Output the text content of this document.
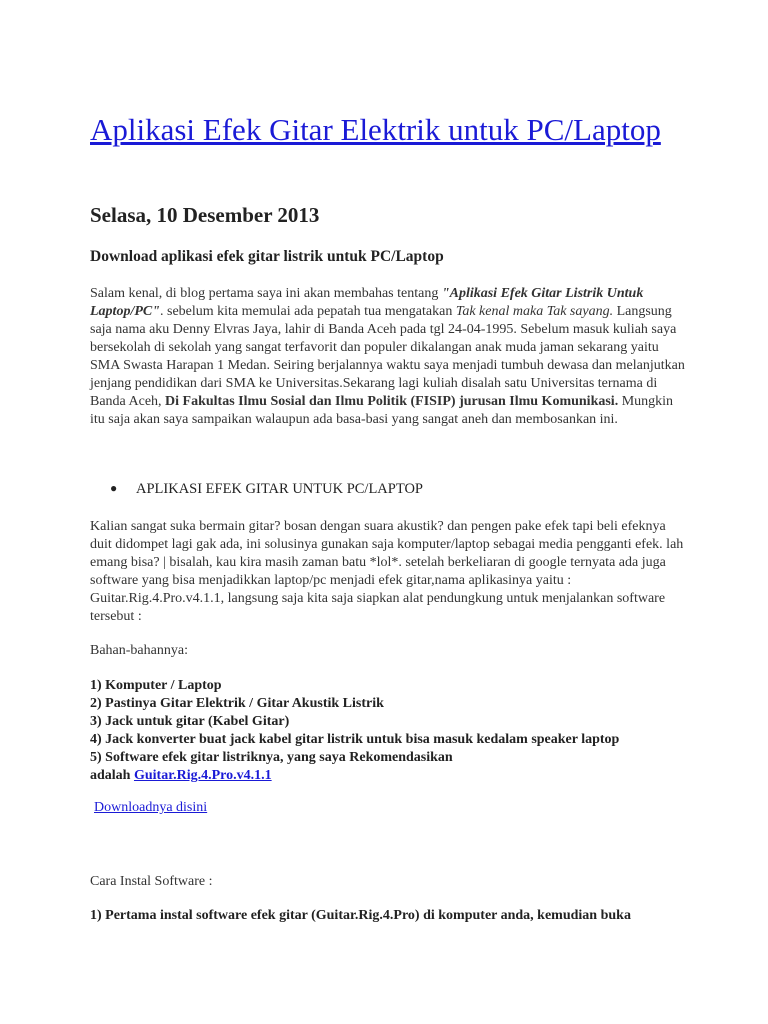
Aplikasi Efek Gitar Elektrik untuk PC/Laptop
Selasa, 10 Desember 2013
Download aplikasi efek gitar listrik untuk PC/Laptop
Salam kenal, di blog pertama saya ini akan membahas tentang "Aplikasi Efek Gitar Listrik Untuk Laptop/PC". sebelum kita memulai ada pepatah tua mengatakan Tak kenal maka Tak sayang. Langsung saja nama aku Denny Elvras Jaya, lahir di Banda Aceh pada tgl 24-04-1995. Sebelum masuk kuliah saya bersekolah di sekolah yang sangat terfavorit dan populer dikalangan anak muda jaman sekarang yaitu SMA Swasta Harapan 1 Medan. Seiring berjalannya waktu saya menjadi tumbuh dewasa dan melanjutkan jenjang pendidikan dari SMA ke Universitas.Sekarang lagi kuliah disalah satu Universitas ternama di Banda Aceh, Di Fakultas Ilmu Sosial dan Ilmu Politik (FISIP) jurusan Ilmu Komunikasi. Mungkin itu saja akan saya sampaikan walaupun ada basa-basi yang sangat aneh dan membosankan ini.
● APLIKASI EFEK GITAR UNTUK PC/LAPTOP
Kalian sangat suka bermain gitar? bosan dengan suara akustik? dan pengen pake efek tapi beli efeknya duit didompet lagi gak ada, ini solusinya gunakan saja komputer/laptop sebagai media pengganti efek. lah emang bisa? | bisalah, kau kira masih zaman batu *lol*. setelah berkeliaran di google ternyata ada juga software yang bisa menjadikkan laptop/pc menjadi efek gitar,nama aplikasinya yaitu : Guitar.Rig.4.Pro.v4.1.1, langsung saja kita saja siapkan alat pendungkung untuk menjalankan software tersebut :
Bahan-bahannya:
1) Komputer / Laptop
2) Pastinya Gitar Elektrik / Gitar Akustik Listrik
3) Jack untuk gitar (Kabel Gitar)
4) Jack konverter buat jack kabel gitar listrik untuk bisa masuk kedalam speaker laptop
5) Software efek gitar listriknya, yang saya Rekomendasikan
adalah Guitar.Rig.4.Pro.v4.1.1
Downloadnya disini
Cara Instal Software :
1) Pertama instal software efek gitar (Guitar.Rig.4.Pro) di komputer anda, kemudian buka
